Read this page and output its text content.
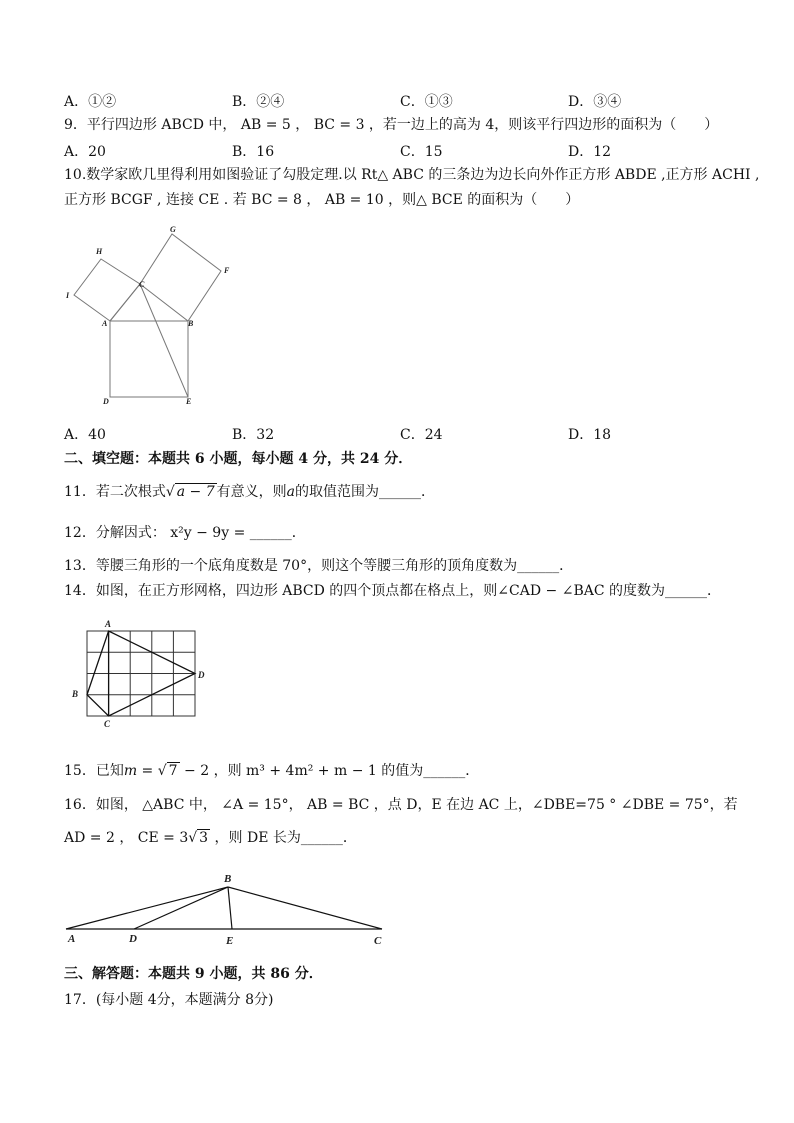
A．①②	B．②④	C．①③	D．③④
9．平行四边形 ABCD 中， AB = 5 ， BC = 3 ，若一边上的高为 4，则该平行四边形的面积为（　　）
A．20	B．16	C．15	D．12
10.数学家欧几里得利用如图验证了勾股定理.以 Rt△ ABC 的三条边为边长向外作正方形 ABDE ,正方形 ACHI ,
正方形 BCGF , 连接 CE . 若 BC = 8 ， AB = 10 ，则△ BCE 的面积为（　　）
H
G
F
I
C
A	B
D	E
A．40	B．32	C．24	D．18
二、填空题：本题共 6 小题，每小题 4 分，共 24 分．
11．若二次根式√ a − 7 有意义，则a的取值范围为______．
12．分解因式： x²y − 9y = ______．
13．等腰三角形的一个底角度数是 70°，则这个等腰三角形的顶角度数为______．
14．如图，在正方形网格，四边形 ABCD 的四个顶点都在格点上，则∠CAD − ∠BAC 的度数为______．
A
B
C
D
15．已知m = √ 7 − 2 ，则 m³ + 4m² + m − 1 的值为______．
16．如图， △ABC 中， ∠A = 15°， AB = BC ，点 D，E 在边 AC 上，∠DBE=75 ° ∠DBE = 75°，若
AD = 2 ， CE = 3√ 3 ，则 DE 长为______．
B
A	D	E	C
三、解答题：本题共 9 小题，共 86 分．
17．(每小题 4分，本题满分 8分)
